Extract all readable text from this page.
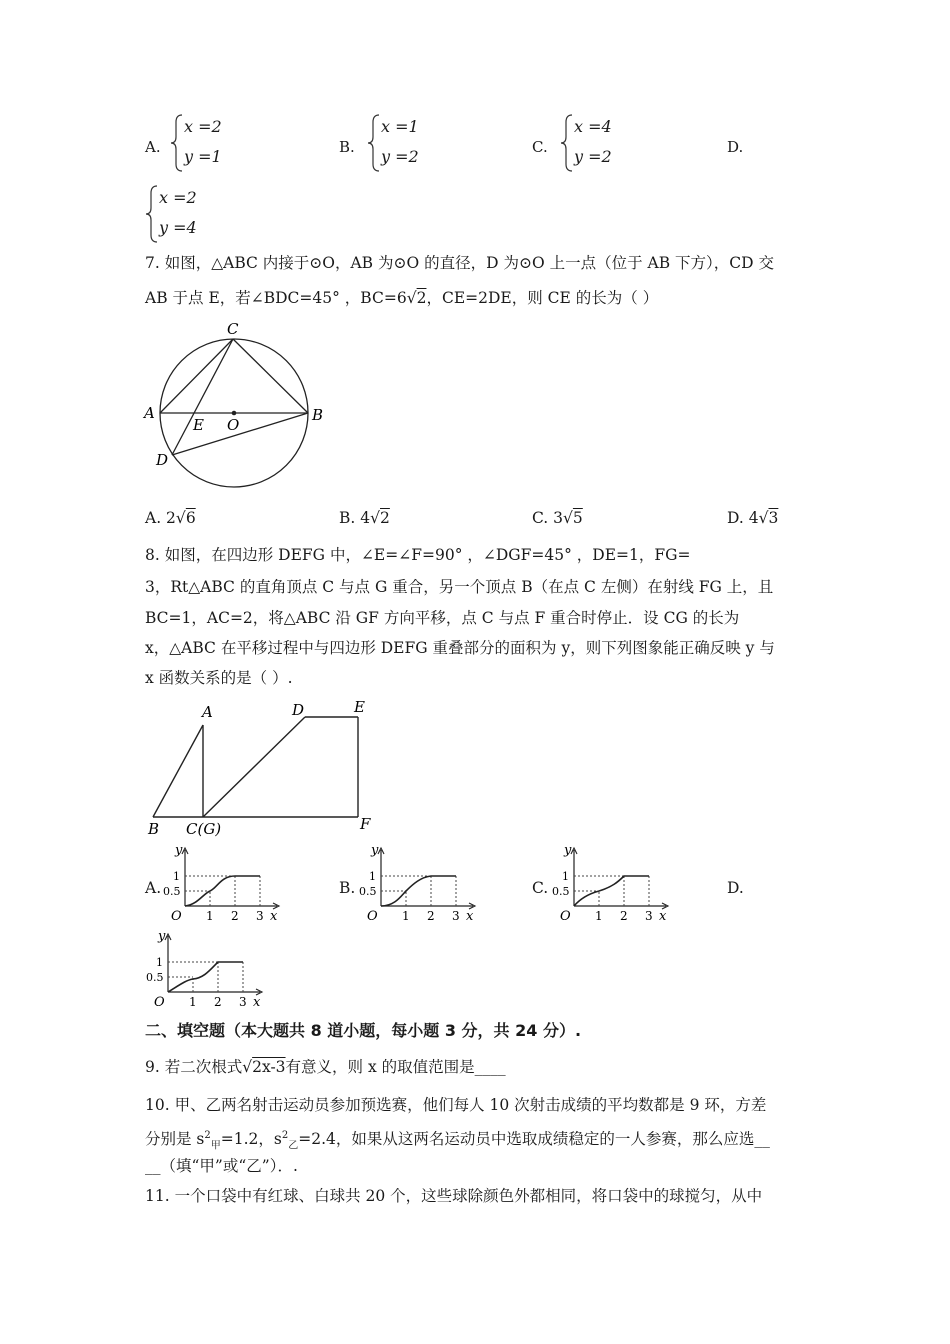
A.
x =2
y =1	B.
x =1
y =2	C.
x =4
y =2	D.
x =2
y =4
7. 如图，△ABC 内接于⊙O，AB 为⊙O 的直径，D 为⊙O 上一点（位于 AB 下方），CD 交
AB 于点 E，若∠BDC=45° ，BC=6√2，CE=2DE，则 CE 的长为（ ）
C
A	B
E O
D
A. 2√6	B. 4√2	C. 3√5	D. 4√3
8. 如图，在四边形 DEFG 中，∠E=∠F=90° ，∠DGF=45° ，DE=1，FG=
3，Rt△ABC 的直角顶点 C 与点 G 重合，另一个顶点 B（在点 C 左侧）在射线 FG 上，且
BC=1，AC=2，将△ABC 沿 GF 方向平移，点 C 与点 F 重合时停止．设 CG 的长为
x，△ABC 在平移过程中与四边形 DEFG 重叠部分的面积为 y，则下列图象能正确反映 y 与
x 函数关系的是（ ）.
A
B C(G)
D	E
F
A.	B.	C.	D.
y
x
O
1
0.5
1 2 3
y
x
O
1
0.5
1 2 3
y
x
O
1
0.5
1 2 3
y
x
O
1
0.5
1 2 3
二、填空题（本大题共 8 道小题，每小题 3 分，共 24 分）.
9. 若二次根式√2x-3有意义，则 x 的取值范围是____
10. 甲、乙两名射击运动员参加预选赛，他们每人 10 次射击成绩的平均数都是 9 环，方差
分别是 $s^2_甲=1.2$，$s^2_乙=2.4$，如果从这两名运动员中选取成绩稳定的一人参赛，那么应选__
__（填“甲”或“乙”）．.
11. 一个口袋中有红球、白球共 20 个，这些球除颜色外都相同，将口袋中的球搅匀，从中
